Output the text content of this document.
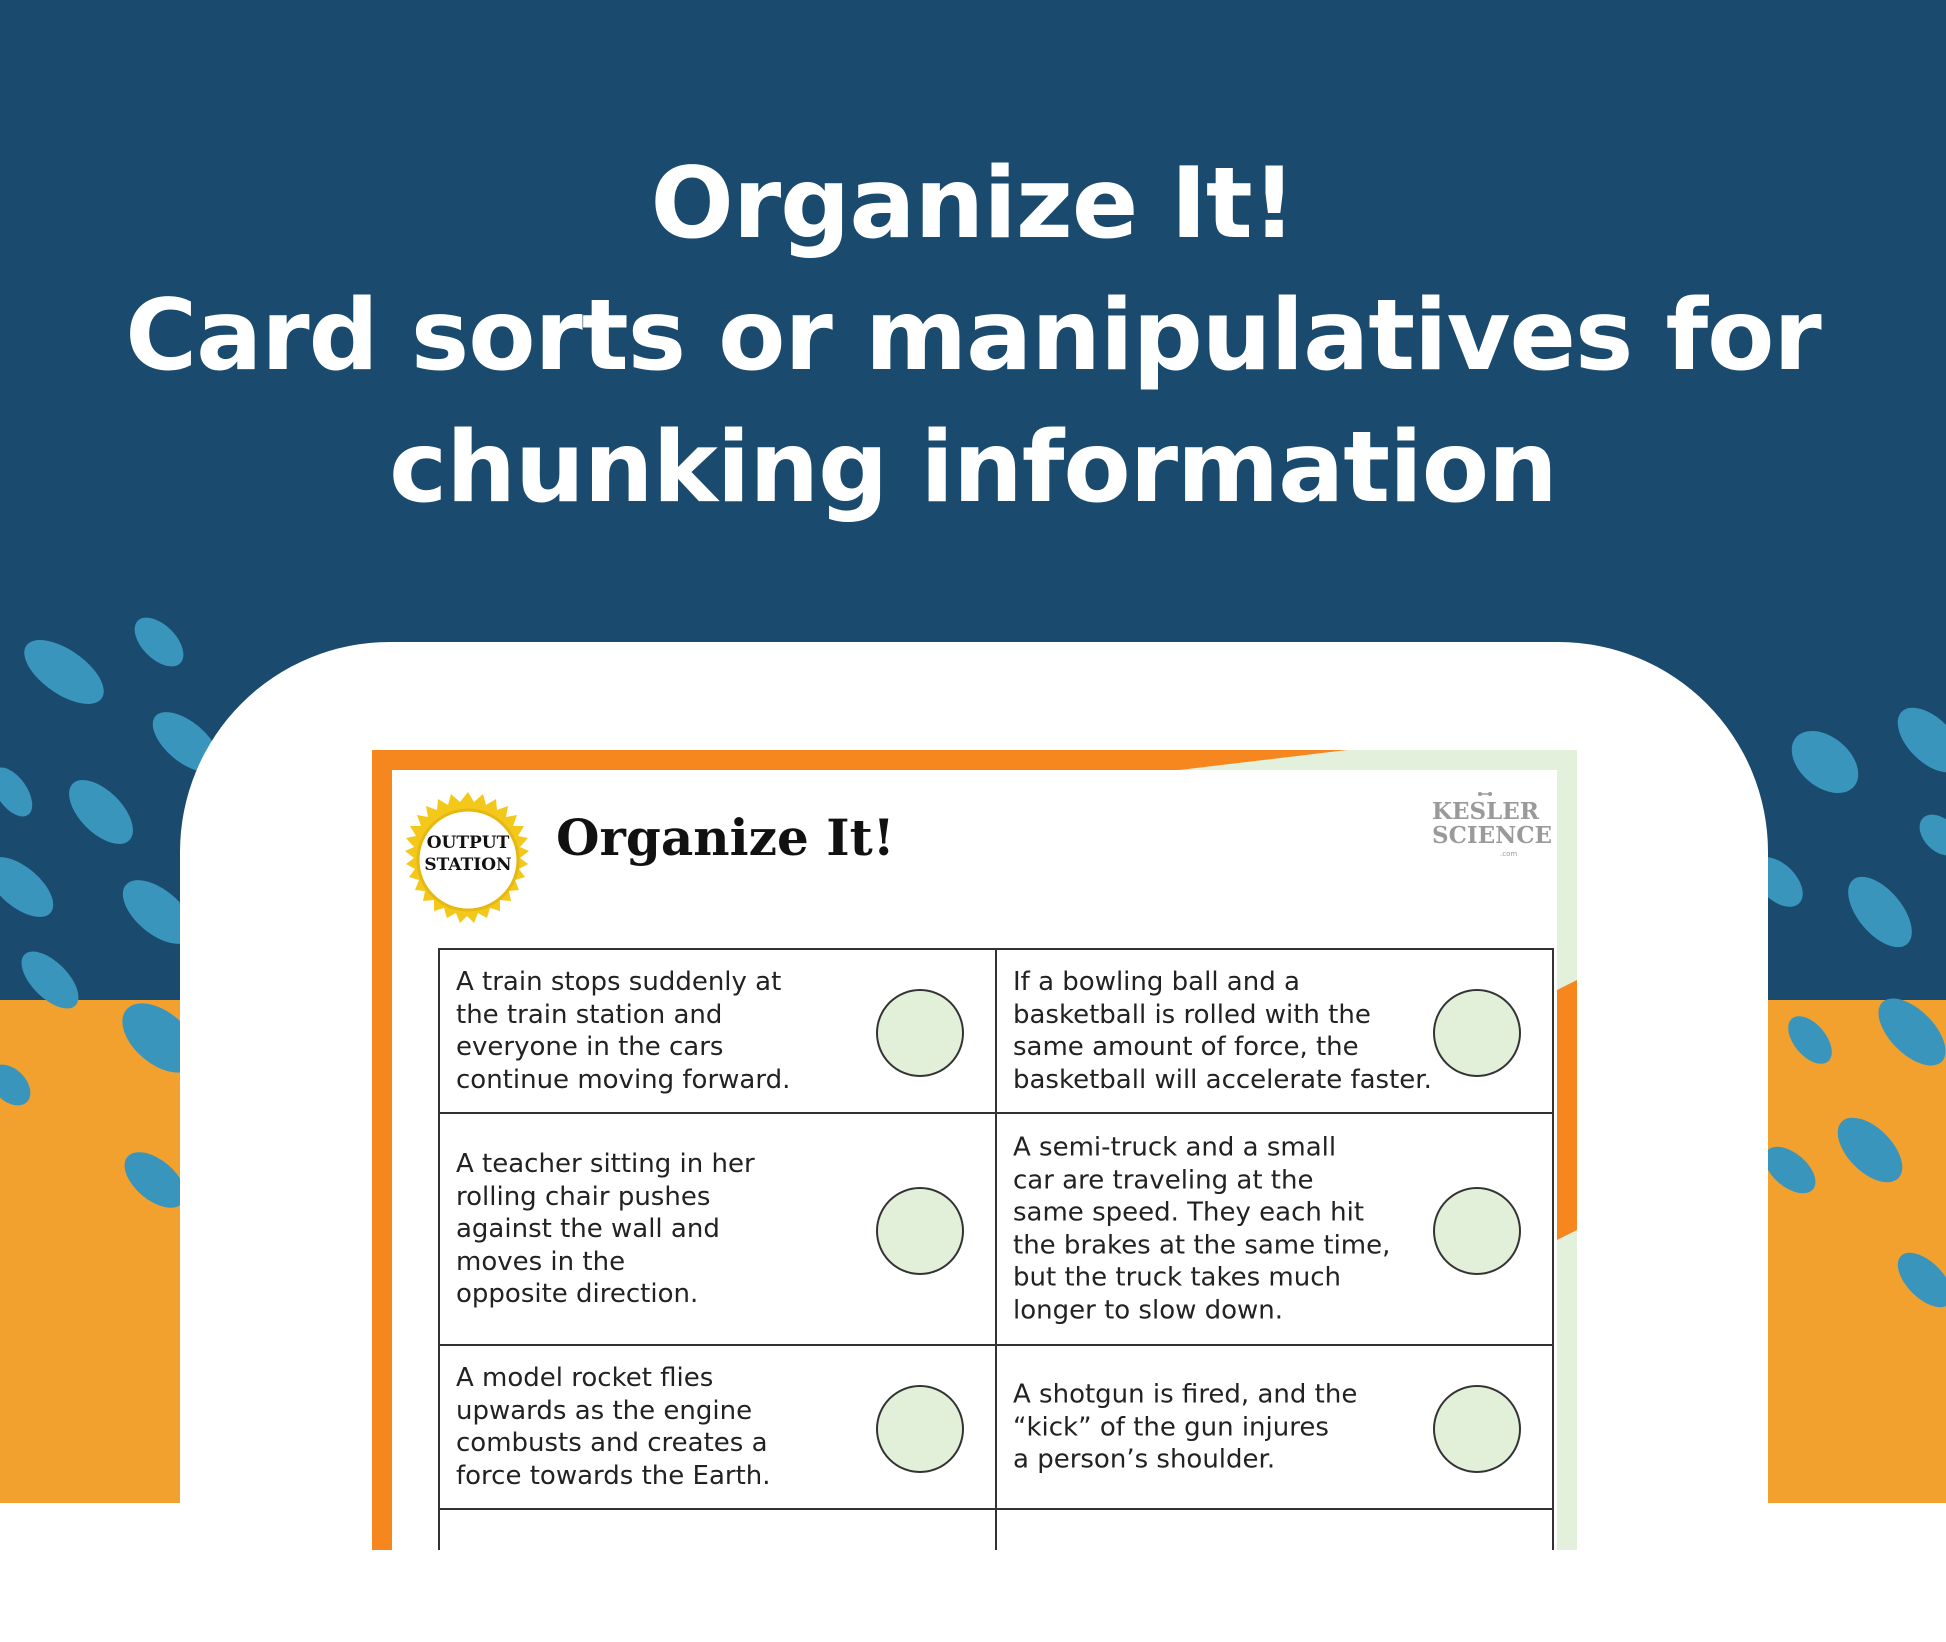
Organize It!
Card sorts or manipulatives for
chunking information
OUTPUT
STATION Organize It!	KESLER
SCIENCE
.com
A train stops suddenly at
the train station and
everyone in the cars
continue moving forward.
If a bowling ball and a
basketball is rolled with the
same amount of force, the
basketball will accelerate faster.
A teacher sitting in her
rolling chair pushes
against the wall and
moves in the
opposite direction.
A semi-truck and a small
car are traveling at the
same speed. They each hit
the brakes at the same time,
but the truck takes much
longer to slow down.
A model rocket flies
upwards as the engine
combusts and creates a
force towards the Earth.
A shotgun is fired, and the
“kick” of the gun injures
a person’s shoulder.
